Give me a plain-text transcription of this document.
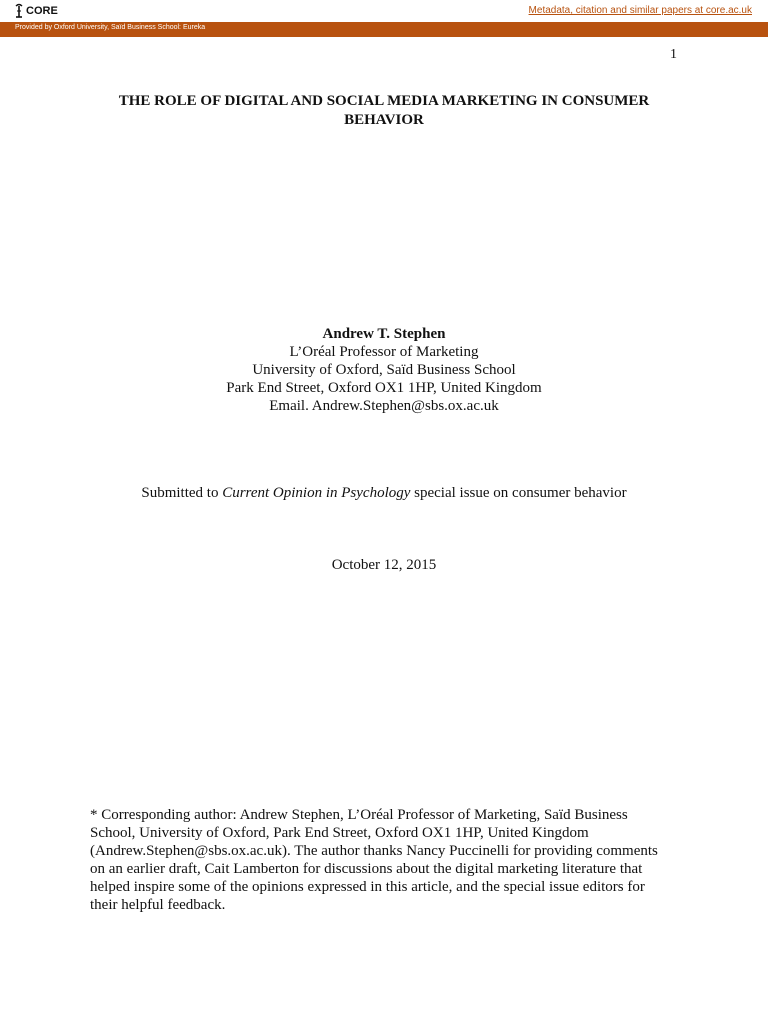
CORE	Metadata, citation and similar papers at core.ac.uk
Provided by Oxford University, Saïd Business School: Eureka
1
THE ROLE OF DIGITAL AND SOCIAL MEDIA MARKETING IN CONSUMER
BEHAVIOR
Andrew T. Stephen
L’Oréal Professor of Marketing
University of Oxford, Saïd Business School
Park End Street, Oxford OX1 1HP, United Kingdom
Email. Andrew.Stephen@sbs.ox.ac.uk
Submitted to Current Opinion in Psychology special issue on consumer behavior
October 12, 2015
* Corresponding author: Andrew Stephen, L’Oréal Professor of Marketing, Saïd Business
School, University of Oxford, Park End Street, Oxford OX1 1HP, United Kingdom
(Andrew.Stephen@sbs.ox.ac.uk). The author thanks Nancy Puccinelli for providing comments
on an earlier draft, Cait Lamberton for discussions about the digital marketing literature that
helped inspire some of the opinions expressed in this article, and the special issue editors for
their helpful feedback.
